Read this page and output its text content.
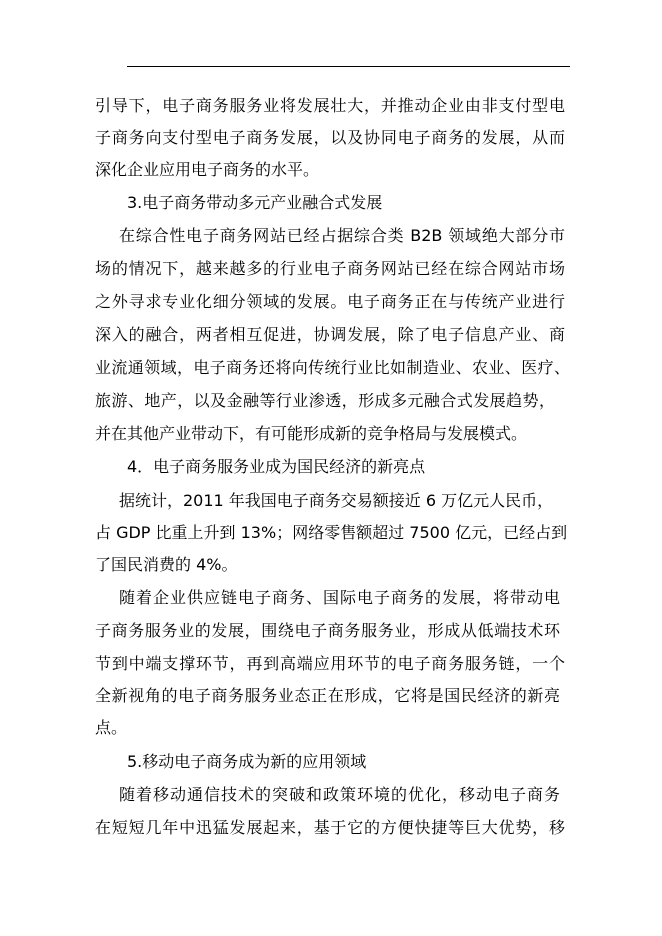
引导下，电子商务服务业将发展壮大，并推动企业由非支付型电
子商务向支付型电子商务发展，以及协同电子商务的发展，从而
深化企业应用电子商务的水平。
3.电子商务带动多元产业融合式发展
在综合性电子商务网站已经占据综合类 B2B 领域绝大部分市
场的情况下，越来越多的行业电子商务网站已经在综合网站市场
之外寻求专业化细分领域的发展。电子商务正在与传统产业进行
深入的融合，两者相互促进，协调发展，除了电子信息产业、商
业流通领域，电子商务还将向传统行业比如制造业、农业、医疗、
旅游、地产，以及金融等行业渗透，形成多元融合式发展趋势，
并在其他产业带动下，有可能形成新的竞争格局与发展模式。
4．电子商务服务业成为国民经济的新亮点
据统计，2011 年我国电子商务交易额接近 6 万亿元人民币，
占 GDP 比重上升到 13%；网络零售额超过 7500 亿元，已经占到
了国民消费的 4%。
随着企业供应链电子商务、国际电子商务的发展，将带动电
子商务服务业的发展，围绕电子商务服务业，形成从低端技术环
节到中端支撑环节，再到高端应用环节的电子商务服务链，一个
全新视角的电子商务服务业态正在形成，它将是国民经济的新亮
点。
5.移动电子商务成为新的应用领域
随着移动通信技术的突破和政策环境的优化，移动电子商务
在短短几年中迅猛发展起来，基于它的方便快捷等巨大优势，移
